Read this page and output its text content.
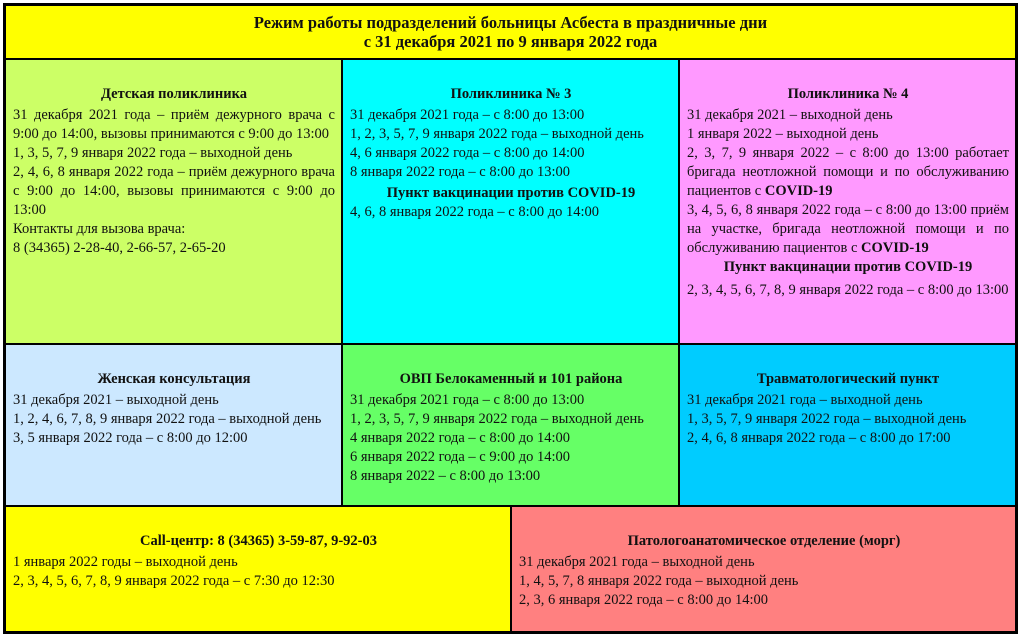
Режим работы подразделений больницы Асбеста в праздничные дни
с 31 декабря 2021 по 9 января 2022 года
Детская поликлиника

31 декабря 2021 года – приём дежурного врача с 9:00 до 14:00, вызовы принимаются с 9:00 до 13:00

1, 3, 5, 7, 9 января 2022 года – выходной день

2, 4, 6, 8 января 2022 года – приём дежурного врача с 9:00 до 14:00, вызовы принимаются с 9:00 до 13:00

Контакты для вызова врача:

8 (34365) 2-28-40, 2-66-57, 2-65-20

Поликлиника № 3

31 декабря 2021 года – с 8:00 до 13:00

1, 2, 3, 5, 7, 9 января 2022 года – выходной день

4, 6 января 2022 года – с 8:00 до 14:00

8 января 2022 года – с 8:00 до 13:00

Пункт вакцинации против COVID-19

4, 6, 8 января 2022 года – с 8:00 до 14:00

Поликлиника № 4

31 декабря 2021 – выходной день

1 января 2022 – выходной день

2, 3, 7, 9 января 2022 – с 8:00 до 13:00 работает бригада неотложной помощи и по обслуживанию пациентов с COVID-19

3, 4, 5, 6, 8 января 2022 года – с 8:00 до 13:00 приём на участке, бригада неотложной помощи и по обслуживанию пациентов с COVID-19

Пункт вакцинации против COVID-19

2, 3, 4, 5, 6, 7, 8, 9 января 2022 года – с 8:00 до 13:00

Женская консультация

31 декабря 2021 – выходной день

1, 2, 4, 6, 7, 8, 9 января 2022 года – выходной день

3, 5 января 2022 года – с 8:00 до 12:00

ОВП Белокаменный и 101 района

31 декабря 2021 года – с 8:00 до 13:00

1, 2, 3, 5, 7, 9 января 2022 года – выходной день

4 января 2022 года – с 8:00 до 14:00

6 января 2022 года – с 9:00 до 14:00

8 января 2022 – с 8:00 до 13:00

Травматологический пункт

31 декабря 2021 года – выходной день

1, 3, 5, 7, 9 января 2022 года – выходной день

2, 4, 6, 8 января 2022 года – с 8:00 до 17:00

Call-центр: 8 (34365) 3-59-87, 9-92-03

1 января 2022 годы – выходной день

2, 3, 4, 5, 6, 7, 8, 9 января 2022 года – с 7:30 до 12:30

Патологоанатомическое отделение (морг)

31 декабря 2021 года – выходной день

1, 4, 5, 7, 8 января 2022 года – выходной день

2, 3, 6 января 2022 года – с 8:00 до 14:00
